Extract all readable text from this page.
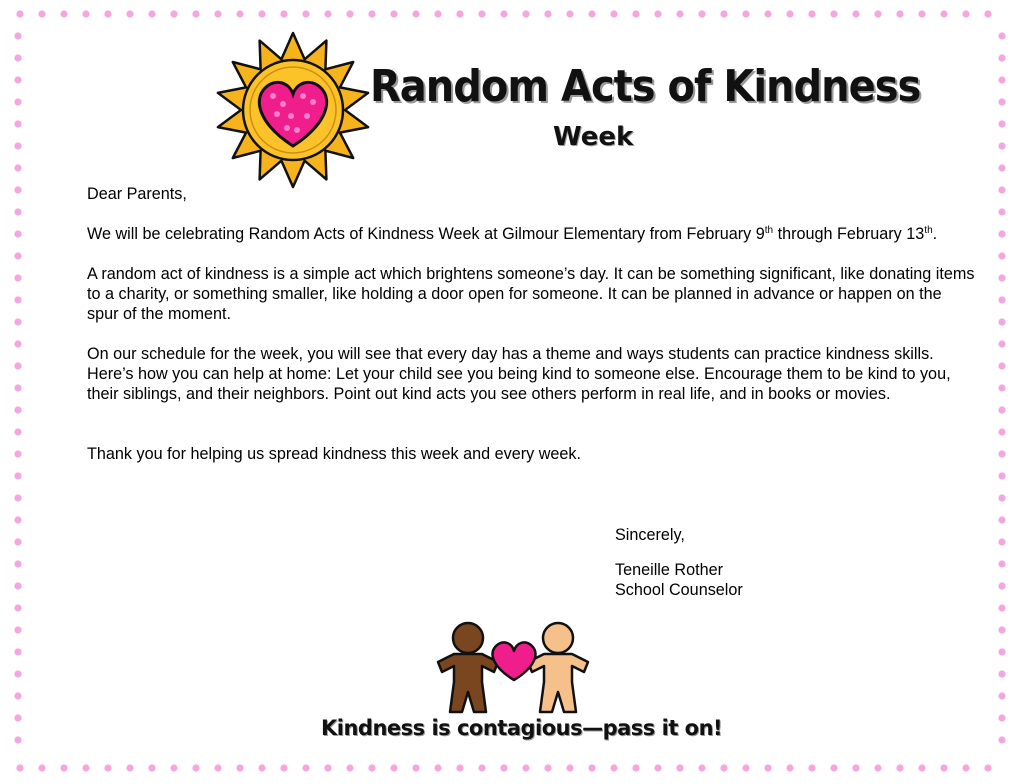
Random Acts of Kindness
Week

Dear Parents,

We will be celebrating Random Acts of Kindness Week at Gilmour Elementary from February 9th through February 13th.

A random act of kindness is a simple act which brightens someone’s day. It can be something significant, like donating items to a charity, or something smaller, like holding a door open for someone. It can be planned in advance or happen on the spur of the moment.

On our schedule for the week, you will see that every day has a theme and ways students can practice kindness skills. Here’s how you can help at home: Let your child see you being kind to someone else. Encourage them to be kind to you, their siblings, and their neighbors. Point out kind acts you see others perform in real life, and in books or movies.

Thank you for helping us spread kindness this week and every week.

Sincerely,
Teneille Rother
School Counselor
Kindness is contagious—pass it on!
